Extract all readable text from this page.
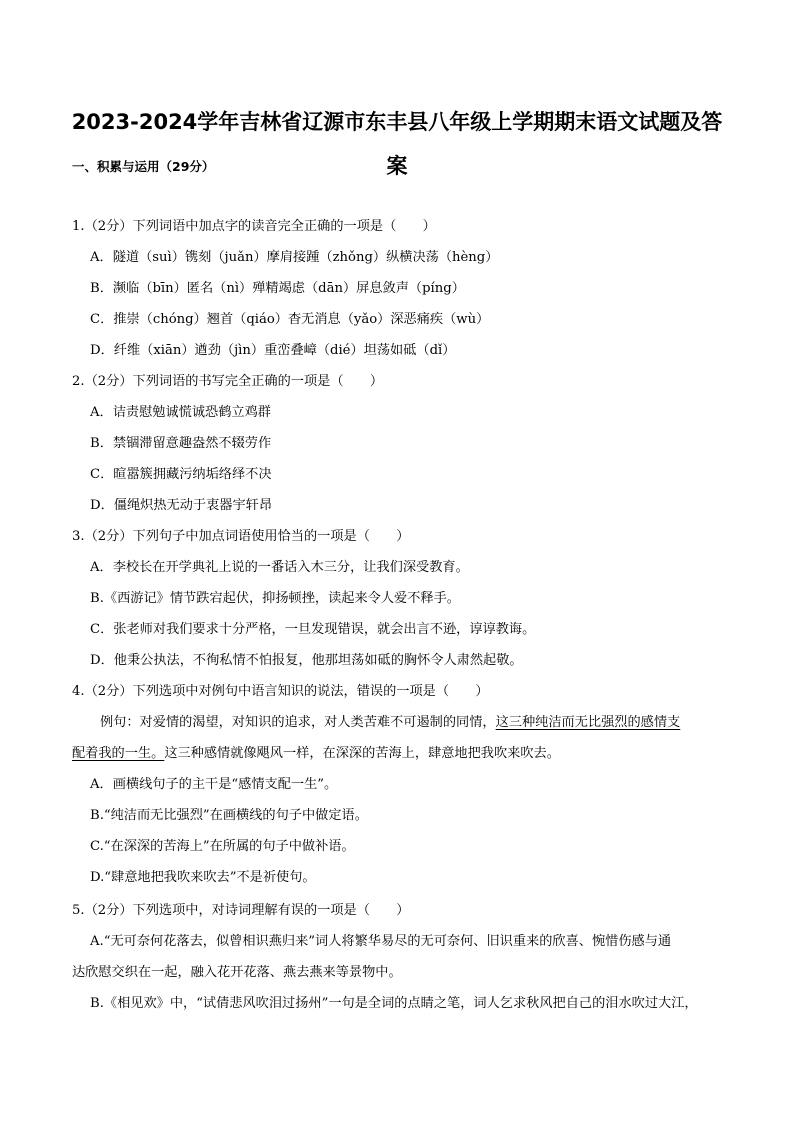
2023-2024学年吉林省辽源市东丰县八年级上学期期末语文试题及答
案
一、积累与运用（29分）
1.（2分）下列词语中加点字的读音完全正确的一项是（　　）
A．隧道（suì）镌刻（juǎn）摩肩接踵（zhǒng）纵横决荡（hèng）
B．濒临（bīn）匿名（nì）殚精竭虑（dān）屏息敛声（píng）
C．推崇（chóng）翘首（qiáo）杳无消息（yǎo）深恶痛疾（wù）
D．纤维（xiān）遒劲（jìn）重峦叠嶂（dié）坦荡如砥（dǐ）
2.（2分）下列词语的书写完全正确的一项是（　　）
A．诘责慰勉诚慌诚恐鹤立鸡群
B．禁锢滞留意趣盎然不辍劳作
C．暄嚣簇拥藏污纳垢络绎不决
D．僵绳炽热无动于衷器宇轩昂
3.（2分）下列句子中加点词语使用恰当的一项是（　　）
A．李校长在开学典礼上说的一番话入木三分，让我们深受教育。
B.《西游记》情节跌宕起伏，抑扬顿挫，读起来令人爱不释手。
C．张老师对我们要求十分严格，一旦发现错误，就会出言不逊，谆谆教诲。
D．他秉公执法，不徇私情不怕报复，他那坦荡如砥的胸怀令人肃然起敬。
4.（2分）下列选项中对例句中语言知识的说法，错误的一项是（　　）
例句：对爱情的渴望，对知识的追求，对人类苦难不可遏制的同情，这三种纯洁而无比强烈的感情支
配着我的一生。这三种感情就像飓风一样，在深深的苦海上，肆意地把我吹来吹去。
A．画横线句子的主干是“感情支配一生”。
B.“纯洁而无比强烈”在画横线的句子中做定语。
C.“在深深的苦海上”在所属的句子中做补语。
D.“肆意地把我吹来吹去”不是祈使句。
5.（2分）下列选项中，对诗词理解有误的一项是（　　）
A.“无可奈何花落去，似曾相识燕归来”词人将繁华易尽的无可奈何、旧识重来的欣喜、惋惜伤感与通
达欣慰交织在一起，融入花开花落、燕去燕来等景物中。
B.《相见欢》中，“试倩悲风吹泪过扬州”一句是全词的点睛之笔，词人乞求秋风把自己的泪水吹过大江，
